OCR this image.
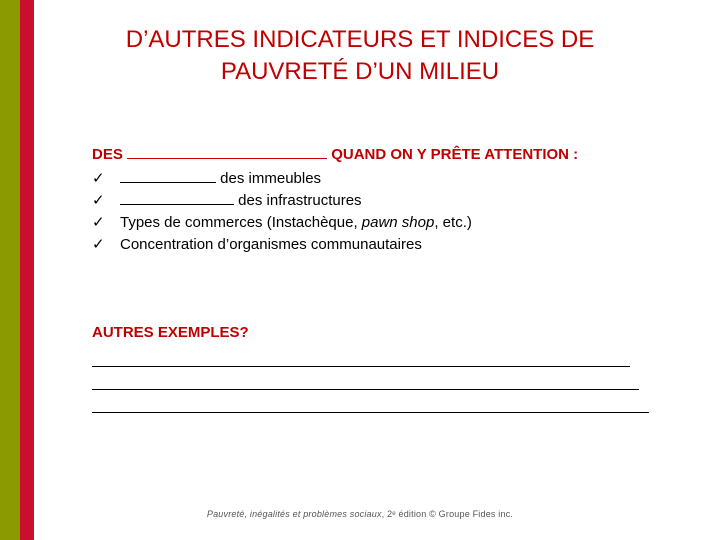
D’AUTRES INDICATEURS ET INDICES DE
PAUVRETÉ D’UN MILIEU
DES	QUAND ON Y PRÊTE ATTENTION :
✓	des immeubles
✓	des infrastructures
✓ Types de commerces (Instachèque, pawn shop, etc.)
✓ Concentration d’organismes communautaires
AUTRES EXEMPLES?
Pauvreté, inégalités et problèmes sociaux, 2ᵉ édition © Groupe Fides inc.
